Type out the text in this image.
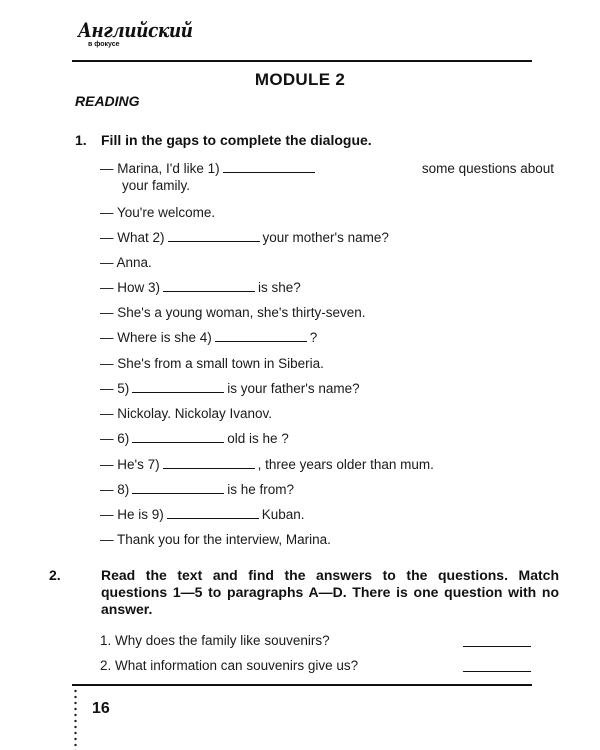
Английский
в фокусе
MODULE 2
READING
1. Fill in the gaps to complete the dialogue.
— Marina, I'd like 1)	some questions about

your family.
— You're welcome.
— What 2)	your mother's name?
— Anna.
— How 3)	is she?
— She's a young woman, she's thirty-seven.
— Where is she 4)	?
— She's from a small town in Siberia.
— 5)	is your father's name?
— Nickolay. Nickolay Ivanov.
— 6)	old is he ?
— He's 7)	, three years older than mum.
— 8)	is he from?
— He is 9)	Kuban.
— Thank you for the interview, Marina.
2.	Read the text and find the answers to the questions. Match questions 1—5 to paragraphs A—D. There is one question with no answer.
1. Why does the family like souvenirs?
2. What information can souvenirs give us?
16
